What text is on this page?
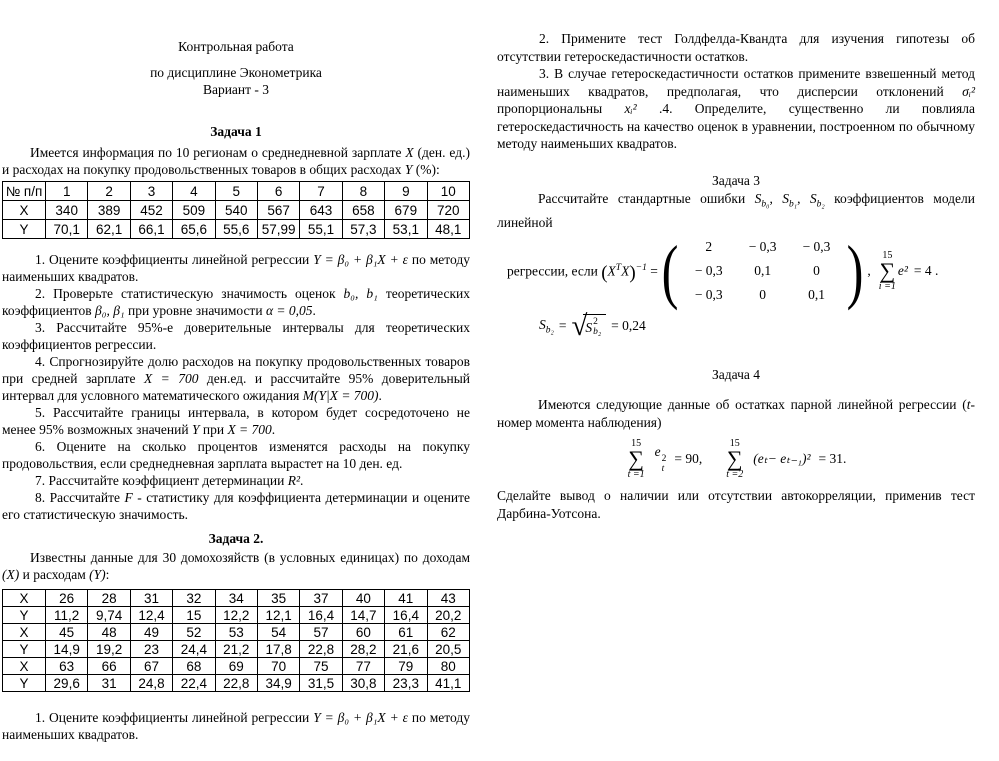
Контрольная работа
по дисциплине Эконометрика
Вариант - 3
Задача 1

Имеется информация по 10 регионам о среднедневной зарплате X (ден. ед.) и расходах на покупку продовольственных товаров в общих расходах Y (%):

№ п/п	1	2	3	4	5	6	7	8	9	10
X	340	389	452	509	540	567	643	658	679	720
Y	70,1	62,1	66,1	65,6	55,6	57,99	55,1	57,3	53,1	48,1

1. Оцените коэффициенты линейной регрессии Y = β₀ + β₁X + ε по методу наименьших квадратов.

2. Проверьте статистическую значимость оценок b₀, b₁ теоретических коэффициентов β₀, β₁ при уровне значимости α = 0,05.

3. Рассчитайте 95%-е доверительные интервалы для теоретических коэффициентов регрессии.

4. Спрогнозируйте долю расходов на покупку продовольственных товаров при средней зарплате X = 700 ден.ед. и рассчитайте 95% доверительный интервал для условного математического ожидания M(Y|X = 700).

5. Рассчитайте границы интервала, в котором будет сосредоточено не менее 95% возможных значений Y при X = 700.

6. Оцените на сколько процентов изменятся расходы на покупку продовольствия, если среднедневная зарплата вырастет на 10 ден. ед.

7. Рассчитайте коэффициент детерминации R².

8. Рассчитайте F - статистику для коэффициента детерминации и оцените его статистическую значимость.

Задача 2.

Известны данные для 30 домохозяйств (в условных единицах) по доходам (X) и расходам (Y):

X	26	28	31	32	34	35	37	40	41	43
Y	11,2	9,74	12,4	15	12,2	12,1	16,4	14,7	16,4	20,2
X	45	48	49	52	53	54	57	60	61	62
Y	14,9	19,2	23	24,4	21,2	17,8	22,8	28,2	21,6	20,5
X	63	66	67	68	69	70	75	77	79	80
Y	29,6	31	24,8	22,4	22,8	34,9	31,5	30,8	23,3	41,1

1. Оцените коэффициенты линейной регрессии Y = β₀ + β₁X + ε по методу наименьших квадратов.

2. Примените тест Голдфелда-Квандта для изучения гипотезы об отсутствии гетероскедастичности остатков.

3. В случае гетероскедастичности остатков примените взвешенный метод наименьших квадратов, предполагая, что дисперсии отклонений σᵢ² пропорциональны xᵢ² .4. Определите, существенно ли повлияла гетероскедастичность на качество оценок в уравнении, построенном по обычному методу наименьших квадратов.

Задача 3

Рассчитайте стандартные ошибки $S_{b_0}$, $S_{b_1}$, $S_{b_2}$ коэффициентов модели линейной

регрессии, если $(X^TX)^{-1}$ = ( 2	− 0,3	− 0,3
− 0,3	0,1	0
− 0,3	0	0,1 ) ,
15
∑
i =1
e² = 4 .
$S_{b_2}$ = √
S 2
b₂ = 0,24
Задача 4

Имеются следующие данные об остатках парной линейной регрессии (t- номер момента наблюдения)

15
∑
t =1
e 2
t
= 90,
15
∑
t =2
(eₜ− eₜ₋₁)² = 31.

Сделайте вывод о наличии или отсутствии автокорреляции, применив тест Дарбина-Уотсона.
